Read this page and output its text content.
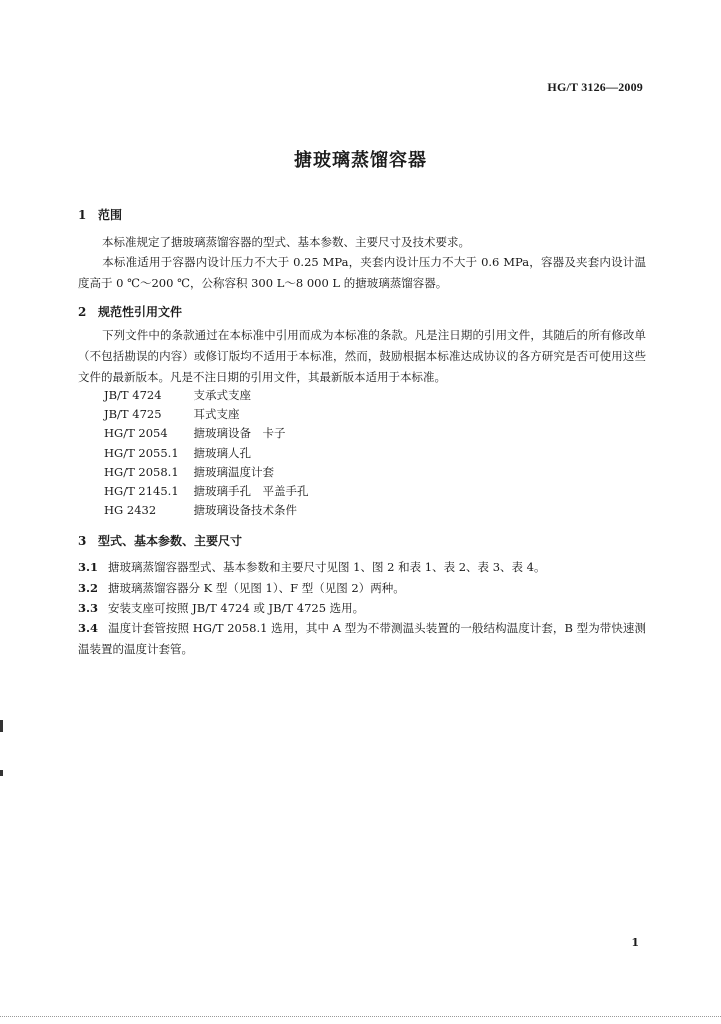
HG/T 3126—2009
搪玻璃蒸馏容器
1 范围
本标准规定了搪玻璃蒸馏容器的型式、基本参数、主要尺寸及技术要求。
本标准适用于容器内设计压力不大于 0.25 MPa，夹套内设计压力不大于 0.6 MPa，容器及夹套内设计温度高于 0 ℃～200 ℃，公称容积 300 L～8 000 L 的搪玻璃蒸馏容器。
2 规范性引用文件
下列文件中的条款通过在本标准中引用而成为本标准的条款。凡是注日期的引用文件，其随后的所有修改单（不包括勘误的内容）或修订版均不适用于本标准，然而，鼓励根据本标准达成协议的各方研究是否可使用这些文件的最新版本。凡是不注日期的引用文件，其最新版本适用于本标准。
JB/T 4724　	支承式支座
JB/T 4725　	耳式支座
HG/T 2054　 搪玻璃设备　卡子
HG/T 2055.1　 搪玻璃人孔
HG/T 2058.1　 搪玻璃温度计套
HG/T 2145.1　 搪玻璃手孔　平盖手孔
HG 2432　	搪玻璃设备技术条件
3 型式、基本参数、主要尺寸
3.1 搪玻璃蒸馏容器型式、基本参数和主要尺寸见图 1、图 2 和表 1、表 2、表 3、表 4。
3.2 搪玻璃蒸馏容器分 K 型（见图 1）、F 型（见图 2）两种。
3.3 安装支座可按照 JB/T 4724 或 JB/T 4725 选用。
3.4 温度计套管按照 HG/T 2058.1 选用，其中 A 型为不带测温头装置的一般结构温度计套，B 型为带快速测温装置的温度计套管。
1
